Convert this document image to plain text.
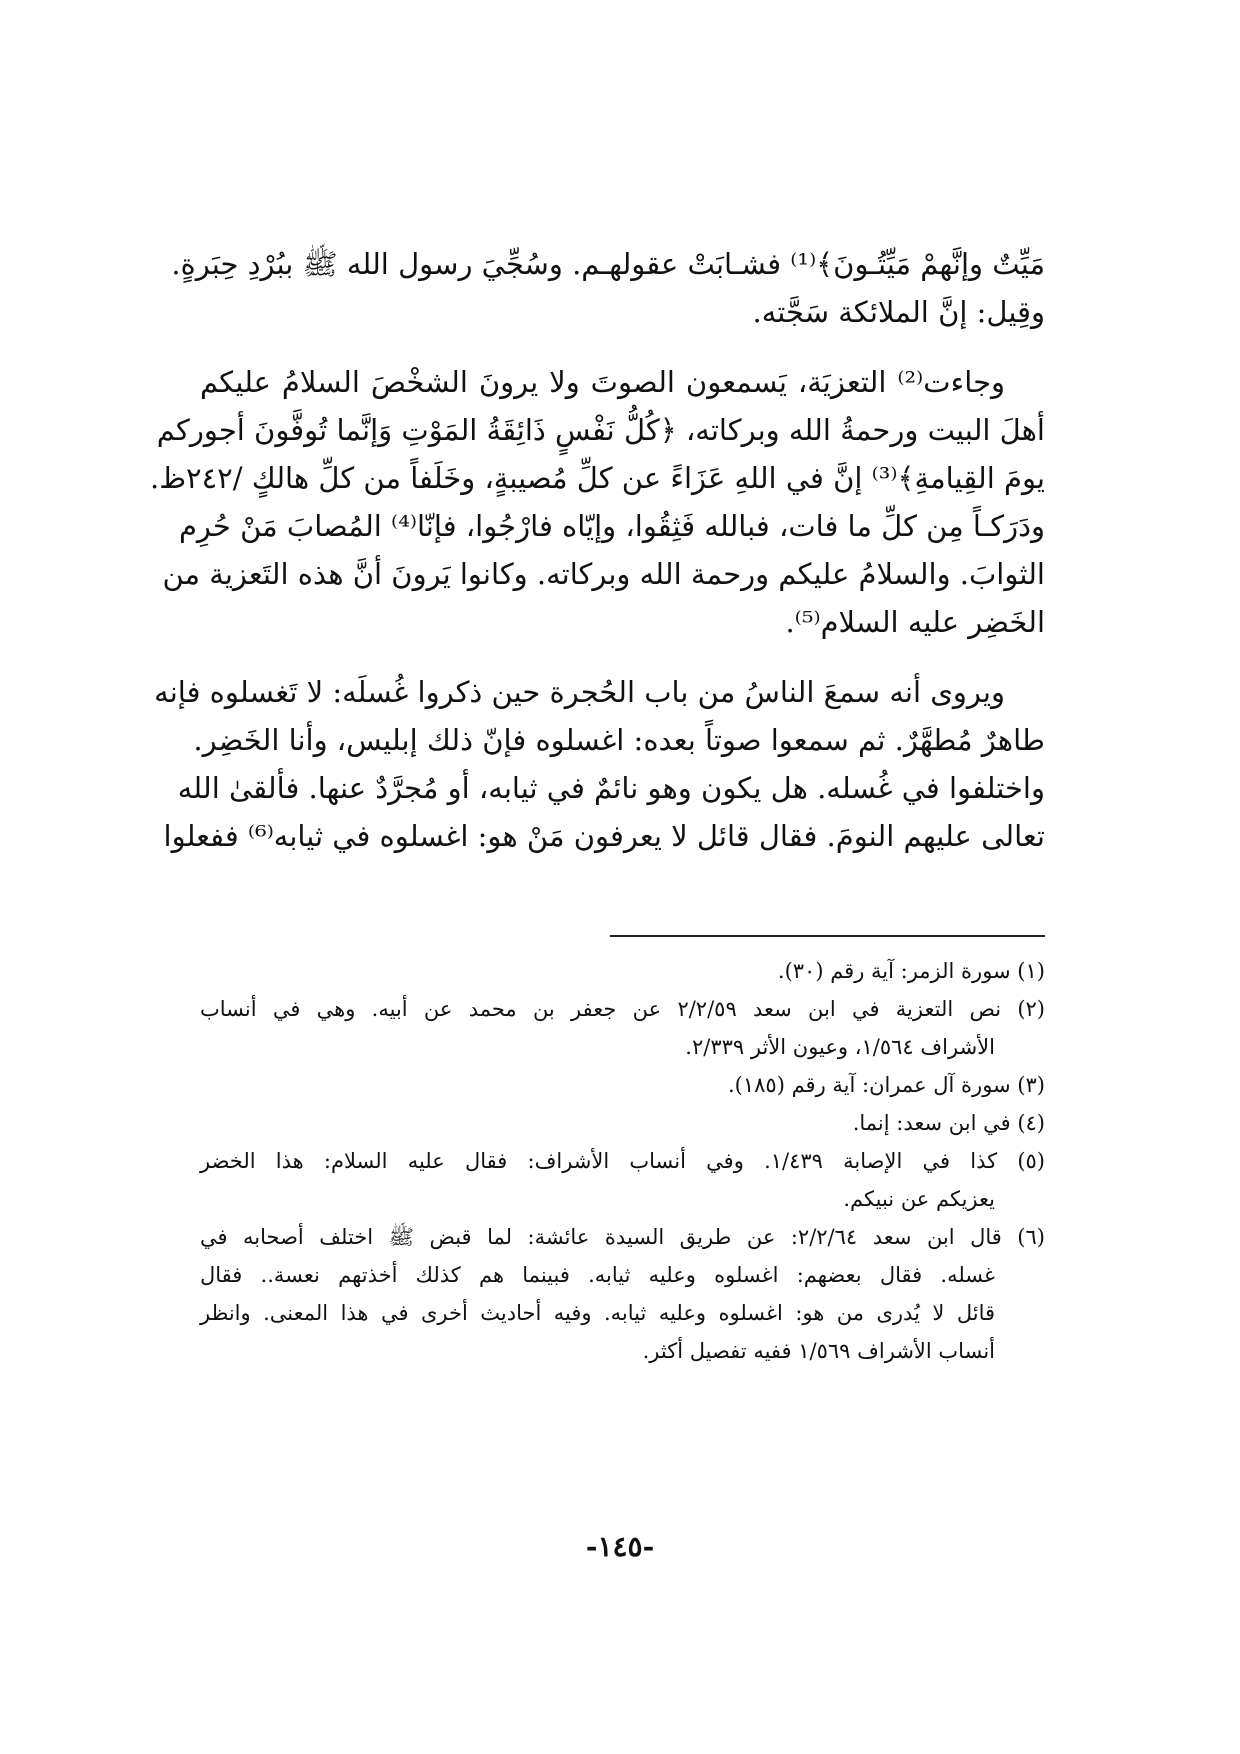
مَيِّتٌ وإنَّهمْ مَيِّتُـونَ﴾⁽¹⁾ فشـابَتْ عقولهـم. وسُجِّيَ رسول الله ﷺ ببُرْدِ حِبَرةٍ.
وقِيل: إنَّ الملائكة سَجَّته.

وجاءت⁽²⁾ التعزيَة، يَسمعون الصوتَ ولا يرونَ الشخْصَ السلامُ عليكم
أهلَ البيت ورحمةُ الله وبركاته، ﴿كُلُّ نَفْسٍ ذَائِقَةُ المَوْتِ وَإنَّما تُوفَّونَ أجوركم
يومَ القِيامةِ﴾⁽³⁾ إنَّ في اللهِ عَزَاءً عن كلِّ مُصيبةٍ، وخَلَفاً من كلِّ هالكٍ /٢٤٢ظ.
ودَرَكـاً مِن كلِّ ما فات، فبالله فَثِقُوا، وإيّاه فارْجُوا، فإنّا⁽⁴⁾ المُصابَ مَنْ حُرِم
الثوابَ. والسلامُ عليكم ورحمة الله وبركاته. وكانوا يَرونَ أنَّ هذه التَعزية من
الخَضِر عليه السلام⁽⁵⁾.

ويروى أنه سمعَ الناسُ من باب الحُجرة حين ذكروا غُسلَه: لا تَغسلوه فإنه
طاهرٌ مُطهَّرٌ. ثم سمعوا صوتاً بعده: اغسلوه فإنّ ذلك إبليس، وأنا الخَضِر.
واختلفوا في غُسله. هل يكون وهو نائمٌ في ثيابه، أو مُجرَّدٌ عنها. فألقىٰ الله
تعالى عليهم النومَ. فقال قائل لا يعرفون مَنْ هو: اغسلوه في ثيابه⁽⁶⁾ ففعلوا

(١) سورة الزمر: آية رقم (٣٠).

(٢) نص التعزية في ابن سعد ٢/٢/٥٩ عن جعفر بن محمد عن أبيه. وهي في أنساب
الأشراف ١/٥٦٤، وعيون الأثر ٢/٣٣٩.

(٣) سورة آل عمران: آية رقم (١٨٥).

(٤) في ابن سعد: إنما.

(٥) كذا في الإصابة ١/٤٣٩. وفي أنساب الأشراف: فقال عليه السلام: هذا الخضر
يعزيكم عن نبيكم.

(٦) قال ابن سعد ٢/٢/٦٤: عن طريق السيدة عائشة: لما قبض ﷺ اختلف أصحابه في
غسله. فقال بعضهم: اغسلوه وعليه ثيابه. فبينما هم كذلك أخذتهم نعسة.. فقال
قائل لا يُدرى من هو: اغسلوه وعليه ثيابه. وفيه أحاديث أخرى في هذا المعنى. وانظر
أنساب الأشراف ١/٥٦٩ ففيه تفصيل أكثر.

-١٤٥-
